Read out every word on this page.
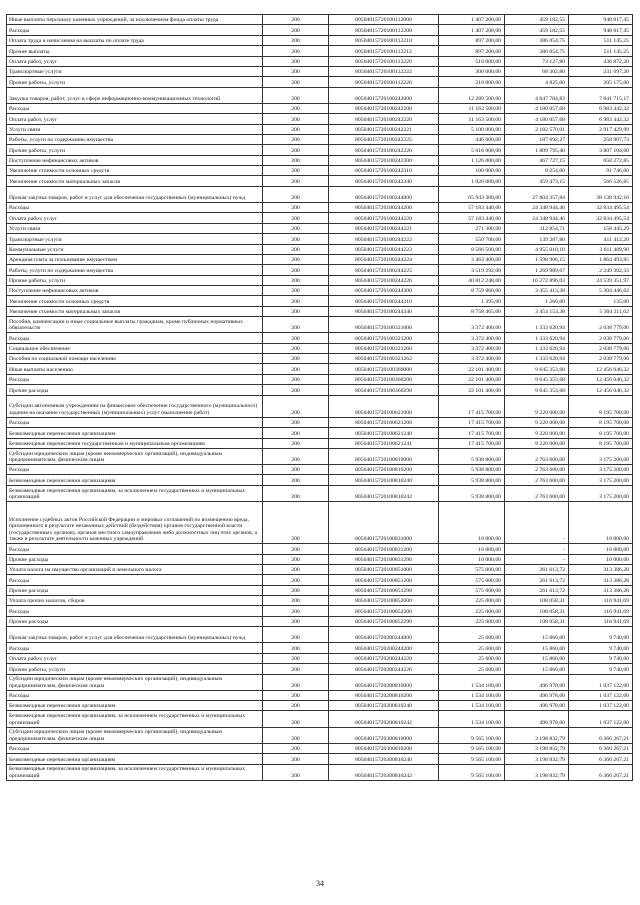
Иные выплаты персоналу казенных учреждений, за исключением фонда оплаты труда	200	80504015720100112000	1 407 200,00	459 182,55	948 017,45
Расходы	200	80504015720100112200	1 407 200,00	459 182,55	948 017,45
Оплата труда и начисления на выплаты по оплате труда	200	80504015720100112210	897 200,00	386 054,75	511 145,25
Прочие выплаты	200	80504015720100112212	897 200,00	386 054,75	511 145,25
Оплата работ, услуг	200	80504015720100112220	510 000,00	73 127,80	436 872,20
Транспортные услуги	200	80504015720100112222	300 000,00	68 302,80	231 697,20
Прочие работы, услуги	200	80504015720100112226	210 000,00	4 825,00	205 175,00
Закупка товаров, работ, услуг в сфере информационно-коммуникационных технологий	200	80504015720100242000	12 289 500,00	4 647 784,83	7 641 715,17
Расходы	200	80504015720100242200	11 163 500,00	4 180 057,68	6 983 442,32
Оплата работ, услуг	200	80504015720100242220	11 163 500,00	4 180 057,68	6 983 442,32
Услуги связи	200	80504015720100242221	5 100 000,00	2 182 570,01	2 917 429,99
Работы, услуги по содержанию имущества	200	80504015720100242225	446 600,00	187 692,27	258 907,73
Прочие работы, услуги	200	80504015720100242226	5 616 900,00	1 809 795,40	3 807 104,60
Поступление нефинансовых активов	200	80504015720100242300	1 126 000,00	467 727,15	658 272,85
Увеличение стоимости основных средств	200	80504015720100242310	100 000,00	8 254,00	91 746,00
Увеличение стоимости материальных запасов	200	80504015720100242340	1 026 000,00	459 473,15	566 526,85
Прочая закупка товаров, работ и услуг для обеспечения государственных (муниципальных) нужд	200	80504015720100244000	65 943 300,00	27 804 357,84	38 138 942,16
Расходы	200	80504015720100244200	57 183 440,00	24 348 944,46	32 834 495,54
Оплата работ, услуг	200	80504015720100244220	57 183 440,00	24 348 944,46	32 834 495,54
Услуги связи	200	80504015720100244221	271 300,00	112 854,71	158 445,29
Транспортные услуги	200	80504015720100244222	550 700,00	139 287,80	411 412,20
Коммунальные услуги	200	80504015720100244223	8 566 500,00	4 955 010,10	3 611 489,90
Арендная плата за пользование имуществом	200	80504015720100244224	3 463 400,00	1 598 906,15	1 864 493,85
Работы, услуги по содержанию имущества	200	80504015720100244225	3 519 292,00	1 269 989,67	2 249 302,33
Прочие работы, услуги	200	80504015720100244226	40 812 248,00	16 272 896,03	24 539 351,97
Поступление нефинансовых активов	200	80504015720100244300	8 759 860,00	3 455 413,38	5 304 446,62
Увеличение стоимости основных средств	200	80504015720100244310	1 395,00	1 260,00	135,00
Увеличение стоимости материальных запасов	200	80504015720100244340	8 758 465,00	3 454 153,38	5 304 311,62
Пособия, компенсации и иные социальные выплаты гражданам, кроме публичных нормативных обязательств	200	80504015720100321000	3 372 400,00	1 333 620,94	2 038 779,06
Расходы	200	80504015720100321200	3 372 400,00	1 333 620,94	2 038 779,06
Социальное обеспечение	200	80504015720100321260	3 372 400,00	1 333 620,94	2 038 779,06
Пособия по социальной помощи населению	200	80504015720100321262	3 372 400,00	1 333 620,94	2 038 779,06
Иные выплаты населению	200	80504015720100360000	22 101 400,00	9 645 353,68	12 456 046,32
Расходы	200	80504015720100360200	22 101 400,00	9 645 353,68	12 456 046,32
Прочие расходы	200	80504015720100360290	22 101 400,00	9 645 353,68	12 456 046,32
Субсидии автономным учреждениям на финансовое обеспечение государственного (муниципального) задания на оказание государственных (муниципальных) услуг (выполнение работ)	200	80504015720100621000	17 415 700,00	9 220 000,00	8 195 700,00
Расходы	200	80504015720100621200	17 415 700,00	9 220 000,00	8 195 700,00
Безвозмездные перечисления организациям	200	80504015720100621240	17 415 700,00	9 220 000,00	8 195 700,00
Безвозмездные перечисления государственным и муниципальным организациям	200	80504015720100621241	17 415 700,00	9 220 000,00	8 195 700,00
Субсидии юридическим лицам (кроме некоммерческих организаций), индивидуальным предпринимателям, физическим лицам	200	80504015720100810000	5 938 800,00	2 763 600,00	3 175 200,00
Расходы	200	80504015720100810200	5 938 800,00	2 763 600,00	3 175 200,00
Безвозмездные перечисления организациям	200	80504015720100810240	5 938 800,00	2 763 600,00	3 175 200,00
Безвозмездные перечисления организациям, за исключением государственных и муниципальных организаций	200	80504015720100810242	5 938 800,00	2 763 600,00	3 175 200,00
Исполнение судебных актов Российской Федерации и мировых соглашений по возмещению вреда, причиненного в результате незаконных действий (бездействия) органов государственной власти (государственных органов), органов местного самоуправления либо должностных лиц этих органов, а также в результате деятельности казенных учреждений	200	80504015720100831000	10 000,00	-	10 000,00
Расходы	200	80504015720100831200	10 000,00	-	10 000,00
Прочие расходы	200	80504015720100831290	10 000,00	-	10 000,00
Уплата налога на имущество организаций и земельного налога	200	80504015720100851000	575 000,00	261 613,72	313 386,28
Расходы	200	80504015720100851200	575 000,00	261 613,72	313 386,28
Прочие расходы	200	80504015720100851290	575 000,00	261 613,72	313 386,28
Уплата прочих налогов, сборов	200	80504015720100852000	225 000,00	108 058,31	116 941,69
Расходы	200	80504015720100852200	225 000,00	108 058,31	116 941,69
Прочие расходы	200	80504015720100852290	225 000,00	108 058,31	116 941,69
Прочая закупка товаров, работ и услуг для обеспечения государственных (муниципальных) нужд	200	80504015720200244000	25 600,00	15 860,00	9 740,00
Расходы	200	80504015720200244200	25 600,00	15 860,00	9 740,00
Оплата работ, услуг	200	80504015720200244220	25 600,00	15 860,00	9 740,00
Прочие работы, услуги	200	80504015720200244226	25 600,00	15 860,00	9 740,00
Субсидии юридическим лицам (кроме некоммерческих организаций), индивидуальным предпринимателям, физическим лицам	200	80504015720200810000	1 534 100,00	496 978,00	1 037 122,00
Расходы	200	80504015720200810200	1 534 100,00	496 978,00	1 037 122,00
Безвозмездные перечисления организациям	200	80504015720200810240	1 534 100,00	496 978,00	1 037 122,00
Безвозмездные перечисления организациям, за исключением государственных и муниципальных организаций	200	80504015720200810242	1 534 100,00	496 978,00	1 037 122,00
Субсидии юридическим лицам (кроме некоммерческих организаций), индивидуальным предпринимателям, физическим лицам	200	80504015720300810000	9 565 100,00	3 198 832,79	6 366 267,21
Расходы	200	80504015720300810200	9 565 100,00	3 198 832,79	6 366 267,21
Безвозмездные перечисления организациям	200	80504015720300810240	9 565 100,00	3 198 832,79	6 366 267,21
Безвозмездные перечисления организациям, за исключением государственных и муниципальных организаций	200	80504015720300810242	9 565 100,00	3 198 832,79	6 366 267,21
34
